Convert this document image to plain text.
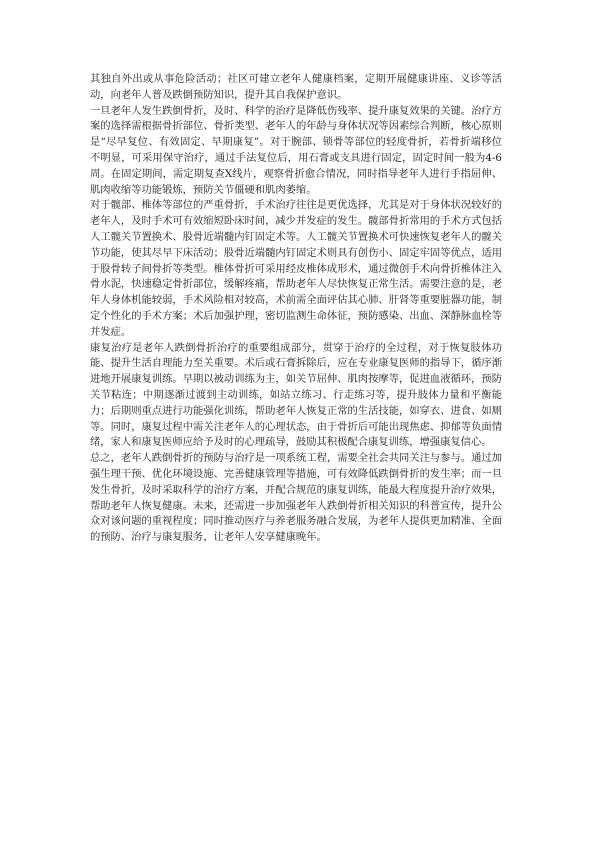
其独自外出或从事危险活动；社区可建立老年人健康档案，定期开展健康讲座、义诊等活动，向老年人普及跌倒预防知识，提升其自我保护意识。

一旦老年人发生跌倒骨折，及时、科学的治疗是降低伤残率、提升康复效果的关键。治疗方案的选择需根据骨折部位、骨折类型、老年人的年龄与身体状况等因素综合判断，核心原则是“尽早复位、有效固定、早期康复”。对于腕部、锁骨等部位的轻度骨折，若骨折端移位不明显，可采用保守治疗，通过手法复位后，用石膏或支具进行固定，固定时间一般为4-6周。在固定期间，需定期复查X线片，观察骨折愈合情况，同时指导老年人进行手指屈伸、肌肉收缩等功能锻炼，预防关节僵硬和肌肉萎缩。

对于髋部、椎体等部位的严重骨折，手术治疗往往是更优选择，尤其是对于身体状况较好的老年人，及时手术可有效缩短卧床时间，减少并发症的发生。髋部骨折常用的手术方式包括人工髋关节置换术、股骨近端髓内钉固定术等。人工髋关节置换术可快速恢复老年人的髋关节功能，使其尽早下床活动；股骨近端髓内钉固定术则具有创伤小、固定牢固等优点，适用于股骨转子间骨折等类型。椎体骨折可采用经皮椎体成形术，通过微创手术向骨折椎体注入骨水泥，快速稳定骨折部位，缓解疼痛，帮助老年人尽快恢复正常生活。需要注意的是，老年人身体机能较弱，手术风险相对较高，术前需全面评估其心肺、肝肾等重要脏器功能，制定个性化的手术方案；术后加强护理，密切监测生命体征，预防感染、出血、深静脉血栓等并发症。

康复治疗是老年人跌倒骨折治疗的重要组成部分，贯穿于治疗的全过程，对于恢复肢体功能、提升生活自理能力至关重要。术后或石膏拆除后，应在专业康复医师的指导下，循序渐进地开展康复训练。早期以被动训练为主，如关节屈伸、肌肉按摩等，促进血液循环，预防关节粘连；中期逐渐过渡到主动训练，如站立练习、行走练习等，提升肢体力量和平衡能力；后期则重点进行功能强化训练，帮助老年人恢复正常的生活技能，如穿衣、进食、如厕等。同时，康复过程中需关注老年人的心理状态，由于骨折后可能出现焦虑、抑郁等负面情绪，家人和康复医师应给予及时的心理疏导，鼓励其积极配合康复训练，增强康复信心。

总之，老年人跌倒骨折的预防与治疗是一项系统工程，需要全社会共同关注与参与。通过加强生理干预、优化环境设施、完善健康管理等措施，可有效降低跌倒骨折的发生率；而一旦发生骨折，及时采取科学的治疗方案，并配合规范的康复训练，能最大程度提升治疗效果，帮助老年人恢复健康。未来，还需进一步加强老年人跌倒骨折相关知识的科普宣传，提升公众对该问题的重视程度；同时推动医疗与养老服务融合发展，为老年人提供更加精准、全面的预防、治疗与康复服务，让老年人安享健康晚年。
